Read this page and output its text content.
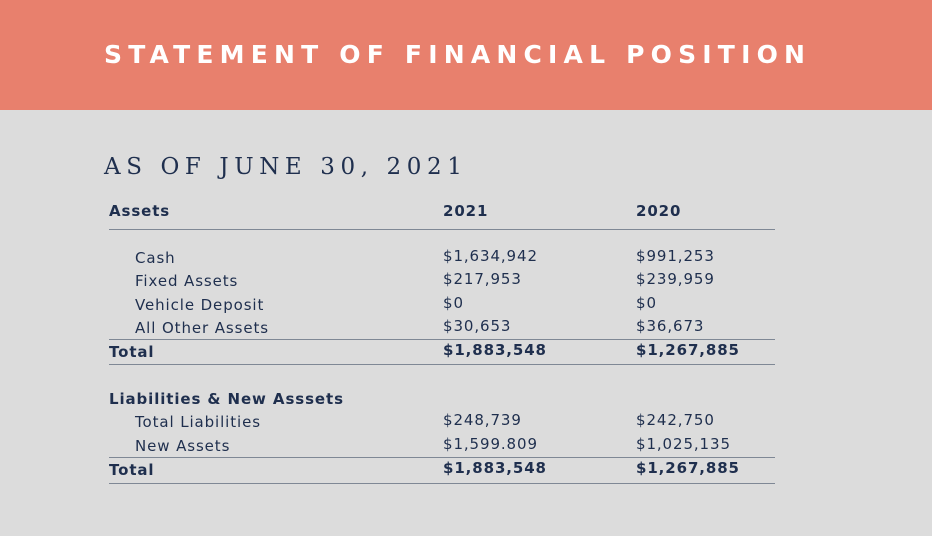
STATEMENT OF FINANCIAL POSITION
AS OF JUNE 30, 2021
Assets	2021	2020
Cash	$1,634,942	$991,253
Fixed Assets	$217,953	$239,959
Vehicle Deposit	$0	$0
All Other Assets	$30,653	$36,673
Total	$1,883,548	$1,267,885
Liabilities & New Asssets
Total Liabilities	$248,739	$242,750
New Assets	$1,599.809	$1,025,135
Total	$1,883,548	$1,267,885
